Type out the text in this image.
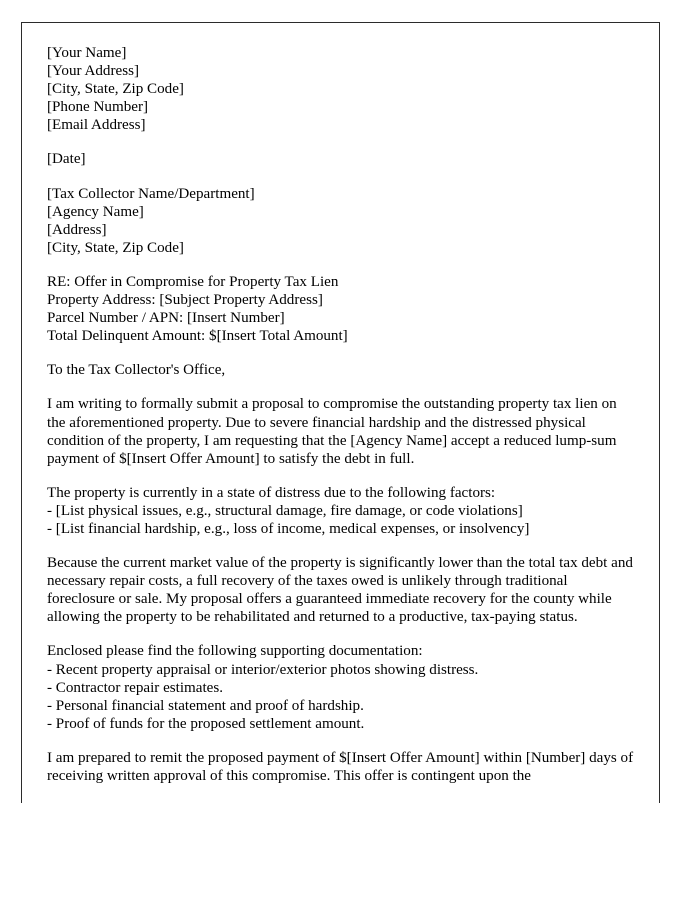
[Your Name]
[Your Address]
[City, State, Zip Code]
[Phone Number]
[Email Address]
[Date]
[Tax Collector Name/Department]
[Agency Name]
[Address]
[City, State, Zip Code]
RE: Offer in Compromise for Property Tax Lien
Property Address: [Subject Property Address]
Parcel Number / APN: [Insert Number]
Total Delinquent Amount: $[Insert Total Amount]
To the Tax Collector's Office,
I am writing to formally submit a proposal to compromise the outstanding property tax lien on the aforementioned property. Due to severe financial hardship and the distressed physical condition of the property, I am requesting that the [Agency Name] accept a reduced lump-sum payment of $[Insert Offer Amount] to satisfy the debt in full.
The property is currently in a state of distress due to the following factors:
- [List physical issues, e.g., structural damage, fire damage, or code violations]
- [List financial hardship, e.g., loss of income, medical expenses, or insolvency]
Because the current market value of the property is significantly lower than the total tax debt and necessary repair costs, a full recovery of the taxes owed is unlikely through traditional foreclosure or sale. My proposal offers a guaranteed immediate recovery for the county while allowing the property to be rehabilitated and returned to a productive, tax-paying status.
Enclosed please find the following supporting documentation:
- Recent property appraisal or interior/exterior photos showing distress.
- Contractor repair estimates.
- Personal financial statement and proof of hardship.
- Proof of funds for the proposed settlement amount.
I am prepared to remit the proposed payment of $[Insert Offer Amount] within [Number] days of receiving written approval of this compromise. This offer is contingent upon the
